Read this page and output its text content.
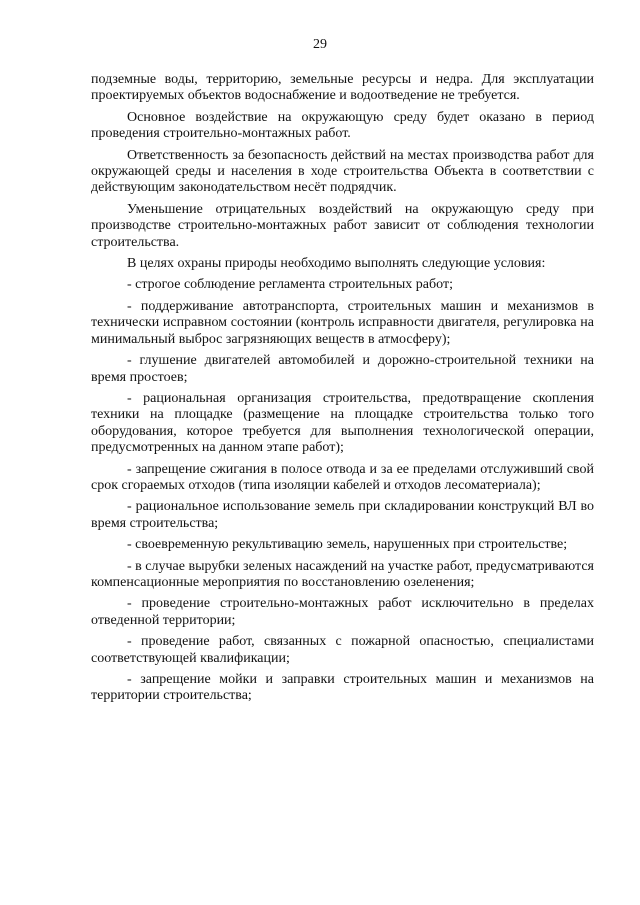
29

подземные воды, территорию, земельные ресурсы и недра. Для эксплуатации проектируемых объектов водоснабжение и водоотведение не требуется.

Основное воздействие на окружающую среду будет оказано в период проведения строительно-монтажных работ.

Ответственность за безопасность действий на местах производства работ для окружающей среды и населения в ходе строительства Объекта в соответствии с действующим законодательством несёт подрядчик.

Уменьшение отрицательных воздействий на окружающую среду при производстве строительно-монтажных работ зависит от соблюдения технологии строительства.

В целях охраны природы необходимо выполнять следующие условия:

- строгое соблюдение регламента строительных работ;

- поддерживание автотранспорта, строительных машин и механизмов в технически исправном состоянии (контроль исправности двигателя, регулировка на минимальный выброс загрязняющих веществ в атмосферу);

- глушение двигателей автомобилей и дорожно-строительной техники на время простоев;

- рациональная организация строительства, предотвращение скопления техники на площадке (размещение на площадке строительства только того оборудования, которое требуется для выполнения технологической операции, предусмотренных на данном этапе работ);

- запрещение сжигания в полосе отвода и за ее пределами отслуживший свой срок сгораемых отходов (типа изоляции кабелей и отходов лесоматериала);

- рациональное использование земель при складировании конструкций ВЛ во время строительства;

- своевременную рекультивацию земель, нарушенных при строительстве;

- в случае вырубки зеленых насаждений на участке работ, предусматриваются компенсационные мероприятия по восстановлению озеленения;

- проведение строительно-монтажных работ исключительно в пределах отведенной территории;

- проведение работ, связанных с пожарной опасностью, специалистами соответствующей квалификации;

- запрещение мойки и заправки строительных машин и механизмов на территории строительства;
